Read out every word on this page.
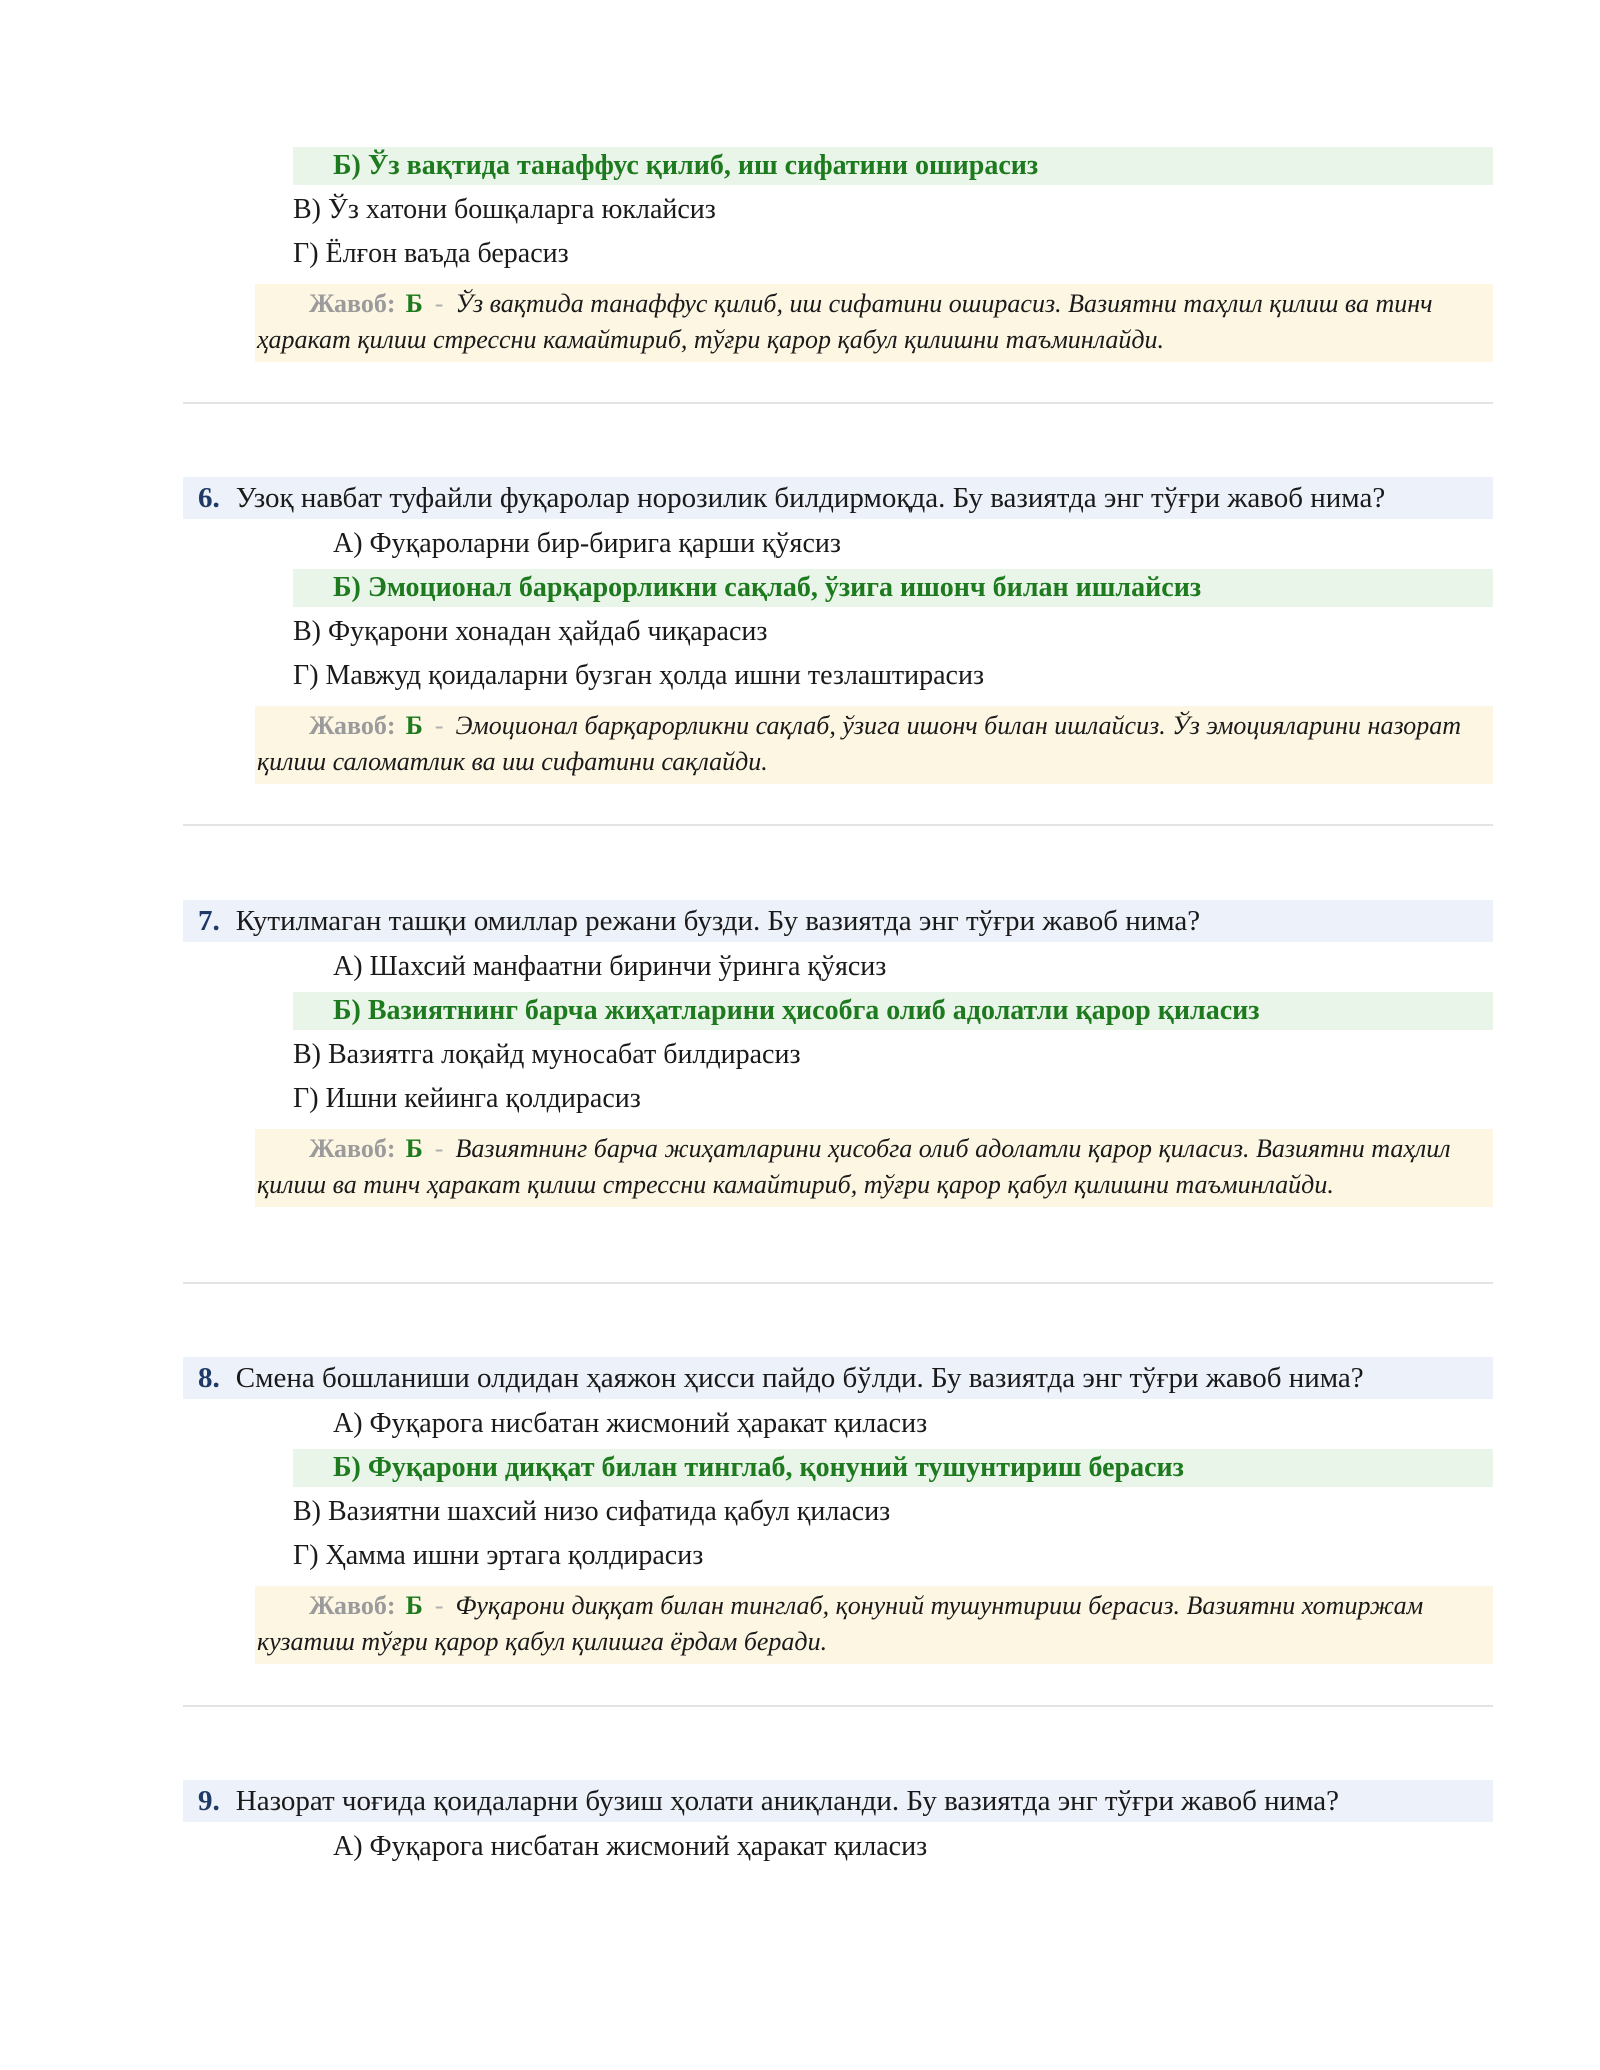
Б) Ўз вақтида танаффус қилиб, иш сифатини оширасиз
В) Ўз хатони бошқаларга юклайсиз
Г) Ёлғон ваъда берасиз
Жавоб: Б - Ўз вақтида танаффус қилиб, иш сифатини оширасиз. Вазиятни таҳлил қилиш ва тинч ҳаракат қилиш стрессни камайтириб, тўғри қарор қабул қилишни таъминлайди.
6. Узоқ навбат туфайли фуқаролар норозилик билдирмоқда. Бу вазиятда энг тўғри жавоб нима?
А) Фуқароларни бир-бирига қарши қўясиз
Б) Эмоционал барқарорликни сақлаб, ўзига ишонч билан ишлайсиз
В) Фуқарони хонадан ҳайдаб чиқарасиз
Г) Мавжуд қоидаларни бузган ҳолда ишни тезлаштирасиз
Жавоб: Б - Эмоционал барқарорликни сақлаб, ўзига ишонч билан ишлайсиз. Ўз эмоцияларини назорат қилиш саломатлик ва иш сифатини сақлайди.
7. Кутилмаган ташқи омиллар режани бузди. Бу вазиятда энг тўғри жавоб нима?
А) Шахсий манфаатни биринчи ўринга қўясиз
Б) Вазиятнинг барча жиҳатларини ҳисобга олиб адолатли қарор қиласиз
В) Вазиятга лоқайд муносабат билдирасиз
Г) Ишни кейинга қолдирасиз
Жавоб: Б - Вазиятнинг барча жиҳатларини ҳисобга олиб адолатли қарор қиласиз. Вазиятни таҳлил қилиш ва тинч ҳаракат қилиш стрессни камайтириб, тўғри қарор қабул қилишни таъминлайди.
8. Смена бошланиши олдидан ҳаяжон ҳисси пайдо бўлди. Бу вазиятда энг тўғри жавоб нима?
А) Фуқарога нисбатан жисмоний ҳаракат қиласиз
Б) Фуқарони диққат билан тинглаб, қонуний тушунтириш берасиз
В) Вазиятни шахсий низо сифатида қабул қиласиз
Г) Ҳамма ишни эртага қолдирасиз
Жавоб: Б - Фуқарони диққат билан тинглаб, қонуний тушунтириш берасиз. Вазиятни хотиржам кузатиш тўғри қарор қабул қилишга ёрдам беради.
9. Назорат чоғида қоидаларни бузиш ҳолати аниқланди. Бу вазиятда энг тўғри жавоб нима?
А) Фуқарога нисбатан жисмоний ҳаракат қиласиз
